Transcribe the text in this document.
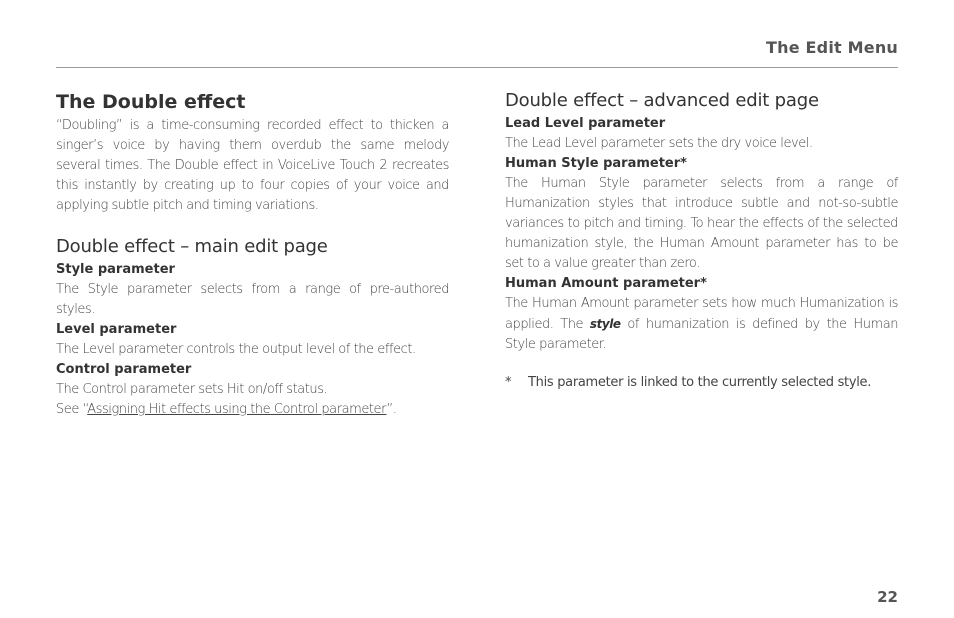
The Edit Menu
The Double effect

“Doubling” is a time-consuming recorded effect to thicken a singer’s voice by having them overdub the same melody several times. The Double effect in VoiceLive Touch 2 recreates this instantly by creating up to four copies of your voice and applying subtle pitch and timing variations.

Double effect – main edit page
Style parameter

The Style parameter selects from a range of pre-authored styles.

Level parameter

The Level parameter controls the output level of the effect.

Control parameter

The Control parameter sets Hit on/off status.

See “Assigning Hit effects using the Control parameter”.

Double effect – advanced edit page
Lead Level parameter

The Lead Level parameter sets the dry voice level.

Human Style parameter*

The Human Style parameter selects from a range of Humanization styles that introduce subtle and not-so-subtle variances to pitch and timing. To hear the effects of the selected humanization style, the Human Amount parameter has to be set to a value greater than zero.

Human Amount parameter*

The Human Amount parameter sets how much Humanization is applied. The style of humanization is defined by the Human Style parameter.

* This parameter is linked to the currently selected style.

22
